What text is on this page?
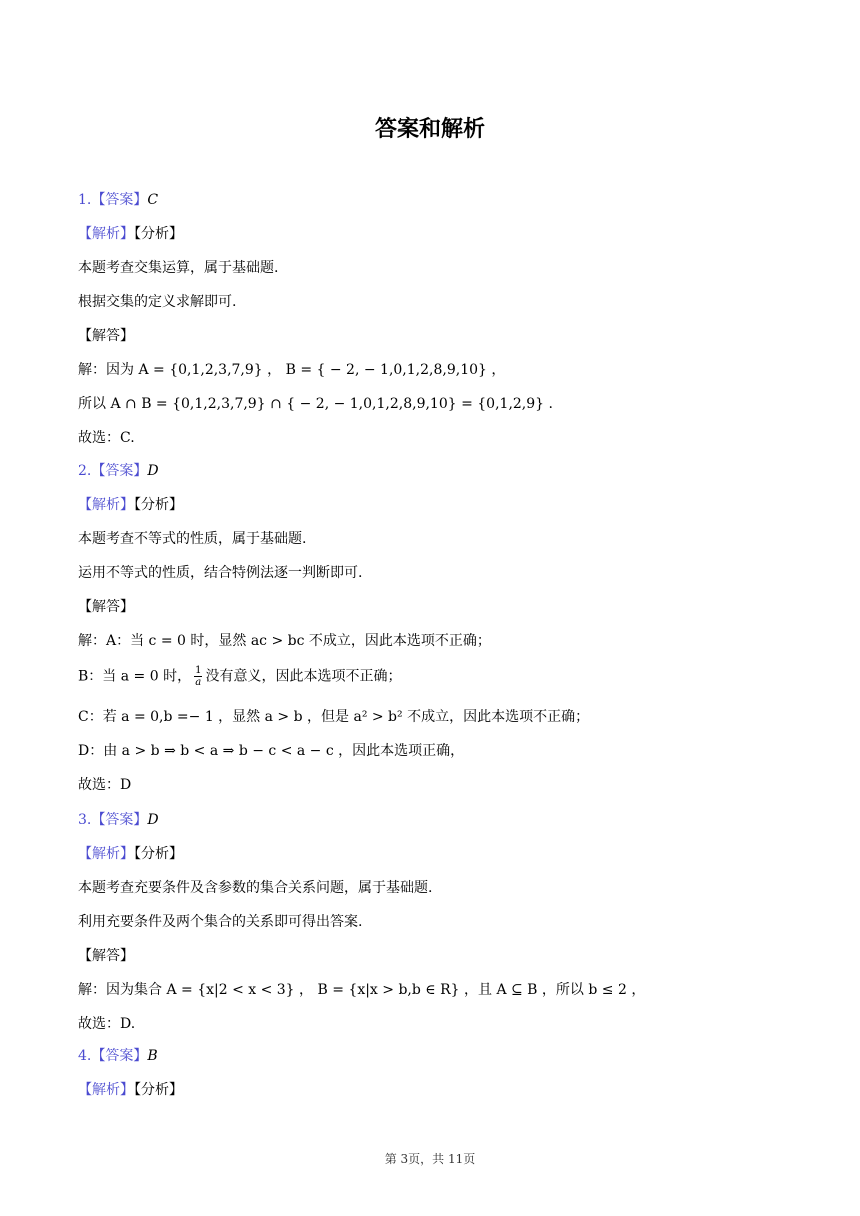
答案和解析
1.【答案】C
【解析】【分析】
本题考查交集运算，属于基础题.
根据交集的定义求解即可.
【解答】
解：因为 A = {0,1,2,3,7,9} ， B = { − 2, − 1,0,1,2,8,9,10} ，
所以 A ∩ B = {0,1,2,3,7,9} ∩ { − 2, − 1,0,1,2,8,9,10} = {0,1,2,9} .
故选：C.
2.【答案】D
【解析】【分析】
本题考查不等式的性质，属于基础题.
运用不等式的性质，结合特例法逐一判断即可.
【解答】
解：A：当 c = 0 时，显然 ac > bc 不成立，因此本选项不正确；
B：当 a = 0 时， $\frac{1}{a}$ 没有意义，因此本选项不正确；
C：若 a = 0,b =− 1 ，显然 a > b ，但是 a² > b² 不成立，因此本选项不正确；
D：由 a > b ⇒ b < a ⇒ b − c < a − c ，因此本选项正确，
故选：D
3.【答案】D
【解析】【分析】
本题考查充要条件及含参数的集合关系问题，属于基础题.
利用充要条件及两个集合的关系即可得出答案.
【解答】
解：因为集合 A = {x|2 < x < 3} ， B = {x|x > b,b ∈ R} ，且 A ⊆ B ，所以 b ≤ 2 ，
故选：D.
4.【答案】B
【解析】【分析】
第 3页，共 11页
